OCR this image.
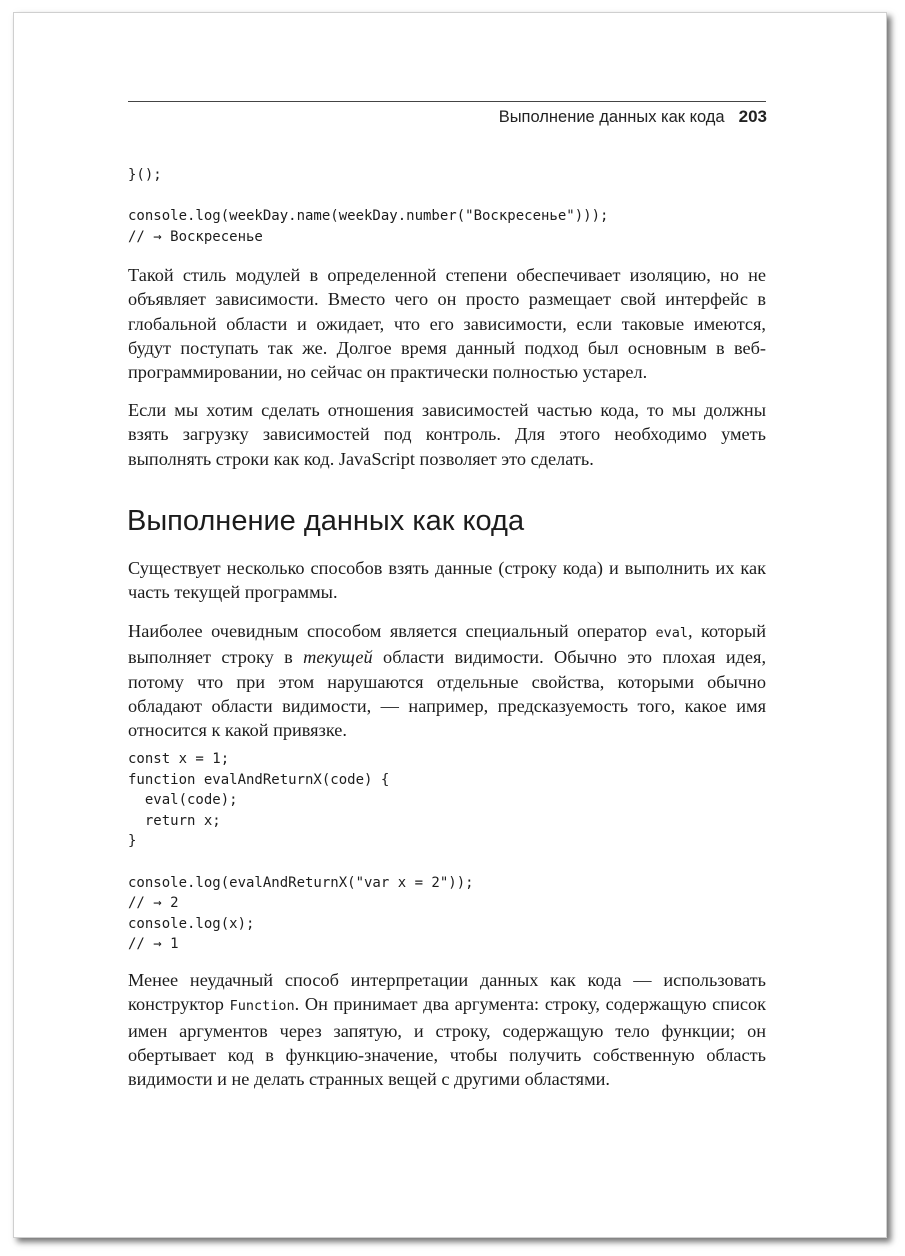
Выполнение данных как кода 203
}();

console.log(weekDay.name(weekDay.number("Воскресенье")));
// → Воскресенье

Такой стиль модулей в определенной степени обеспечивает изоляцию, но не объявляет зависимости. Вместо чего он просто размещает свой интерфейс в глобальной области и ожидает, что его зависимости, если таковые имеются, будут поступать так же. Долгое время данный подход был основным в веб-программировании, но сейчас он практически полностью устарел.

Если мы хотим сделать отношения зависимостей частью кода, то мы должны взять загрузку зависимостей под контроль. Для этого необходимо уметь выполнять строки как код. JavaScript позволяет это сделать.

Выполнение данных как кода

Существует несколько способов взять данные (строку кода) и выполнить их как часть текущей программы.

Наиболее очевидным способом является специальный оператор eval, который выполняет строку в текущей области видимости. Обычно это плохая идея, потому что при этом нарушаются отдельные свойства, которыми обычно обладают области видимости, — например, предсказуемость того, какое имя относится к какой привязке.

const x = 1;
function evalAndReturnX(code) {
eval(code);
return x;
}

console.log(evalAndReturnX("var x = 2"));
// → 2
console.log(x);
// → 1

Менее неудачный способ интерпретации данных как кода — использовать конструктор Function. Он принимает два аргумента: строку, содержащую список имен аргументов через запятую, и строку, содержащую тело функции; он обертывает код в функцию-значение, чтобы получить собственную область видимости и не делать странных вещей с другими областями.
